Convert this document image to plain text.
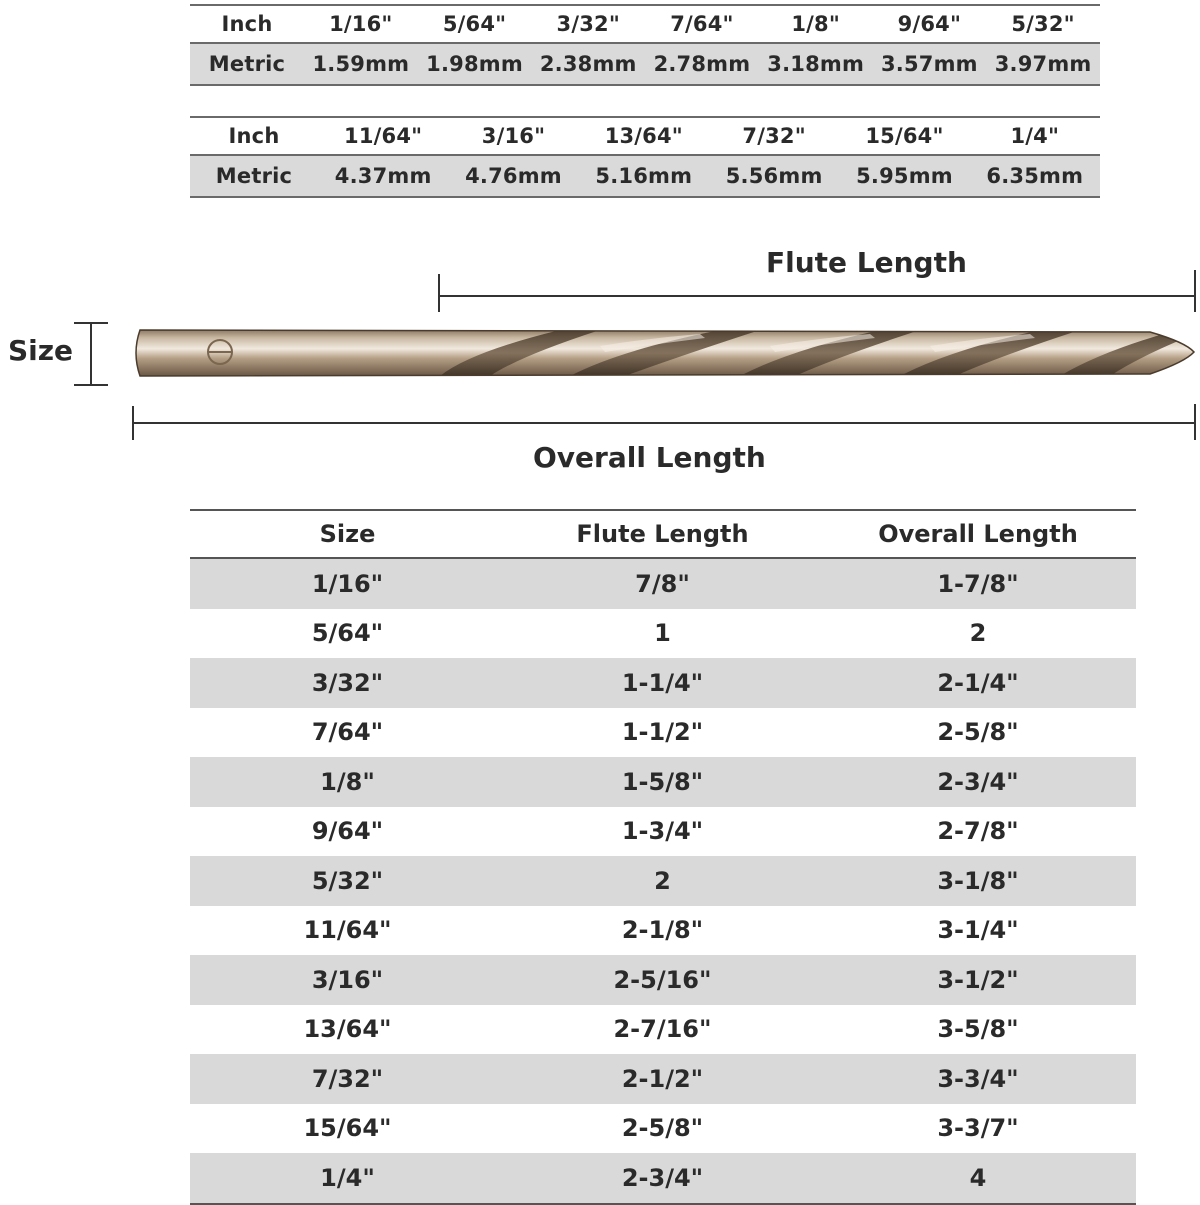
Inch	1/16"	5/64"	3/32"	7/64"	1/8"	9/64"	5/32"
Metric	1.59mm	1.98mm	2.38mm	2.78mm	3.18mm	3.57mm	3.97mm
Inch	11/64"	3/16"	13/64"	7/32"	15/64"	1/4"
Metric	4.37mm	4.76mm	5.16mm	5.56mm	5.95mm	6.35mm
Flute Length
Overall Length
Size
Size	Flute Length	Overall Length
1/16"	7/8"	1-7/8"
5/64"	1	2
3/32"	1-1/4"	2-1/4"
7/64"	1-1/2"	2-5/8"
1/8"	1-5/8"	2-3/4"
9/64"	1-3/4"	2-7/8"
5/32"	2	3-1/8"
11/64"	2-1/8"	3-1/4"
3/16"	2-5/16"	3-1/2"
13/64"	2-7/16"	3-5/8"
7/32"	2-1/2"	3-3/4"
15/64"	2-5/8"	3-3/7"
1/4"	2-3/4"	4
